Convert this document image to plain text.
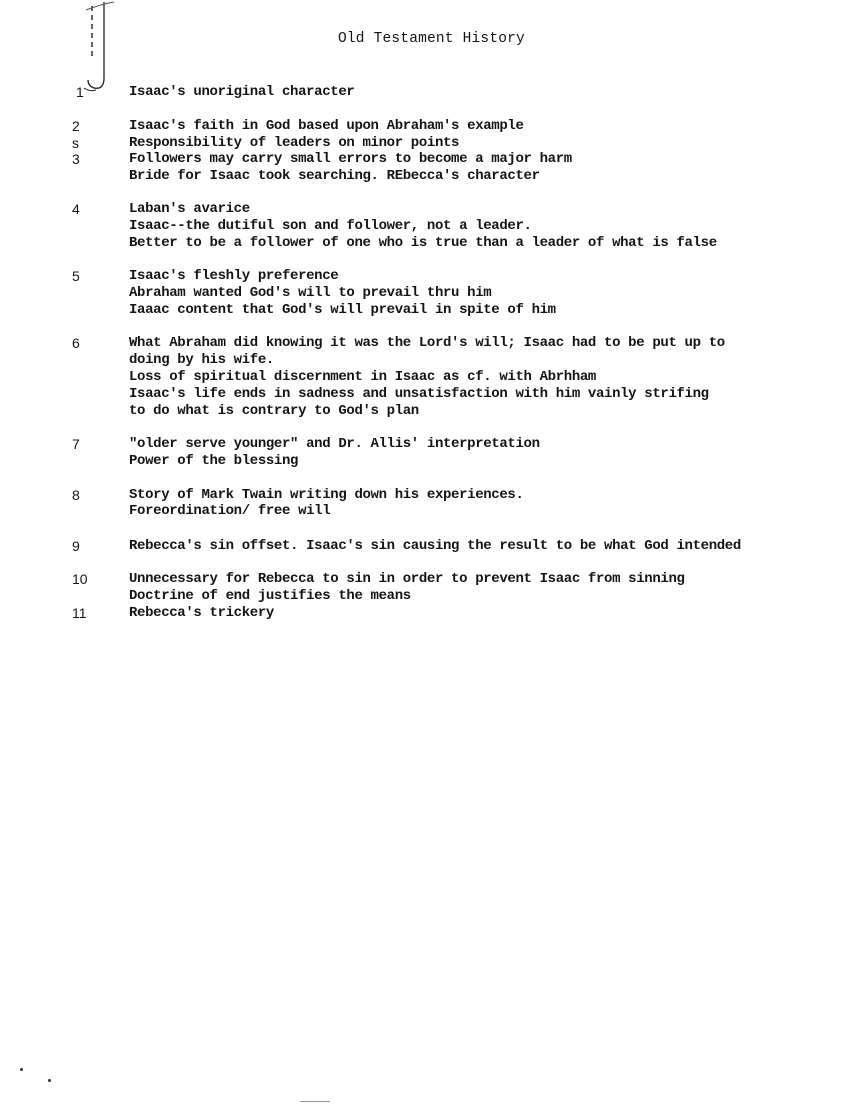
Old Testament History
1	Isaac's unoriginal character
2	Isaac's faith in God based upon Abraham's example
s	Responsibility of leaders on minor points
3	Followers may carry small errors to become a major harm
Bride for Isaac took searching. REbecca's character
4	Laban's avarice
Isaac--the dutiful son and follower, not a leader.
Better to be a follower of one who is true than a leader of what is false
5	Isaac's fleshly preference
Abraham wanted God's will to prevail thru him
Iaaac content that God's will prevail in spite of him
6	What Abraham did knowing it was the Lord's will; Isaac had to be put up to
doing by his wife.
Loss of spiritual discernment in Isaac as cf. with Abrhham
Isaac's life ends in sadness and unsatisfaction with him vainly strifing
to do what is contrary to God's plan
7	"older serve younger" and Dr. Allis' interpretation
Power of the blessing
8	Story of Mark Twain writing down his experiences.
Foreordination/ free will
9	Rebecca's sin offset. Isaac's sin causing the result to be what God intended
10	Unnecessary for Rebecca to sin in order to prevent Isaac from sinning
Doctrine of end justifies the means
11	Rebecca's trickery
